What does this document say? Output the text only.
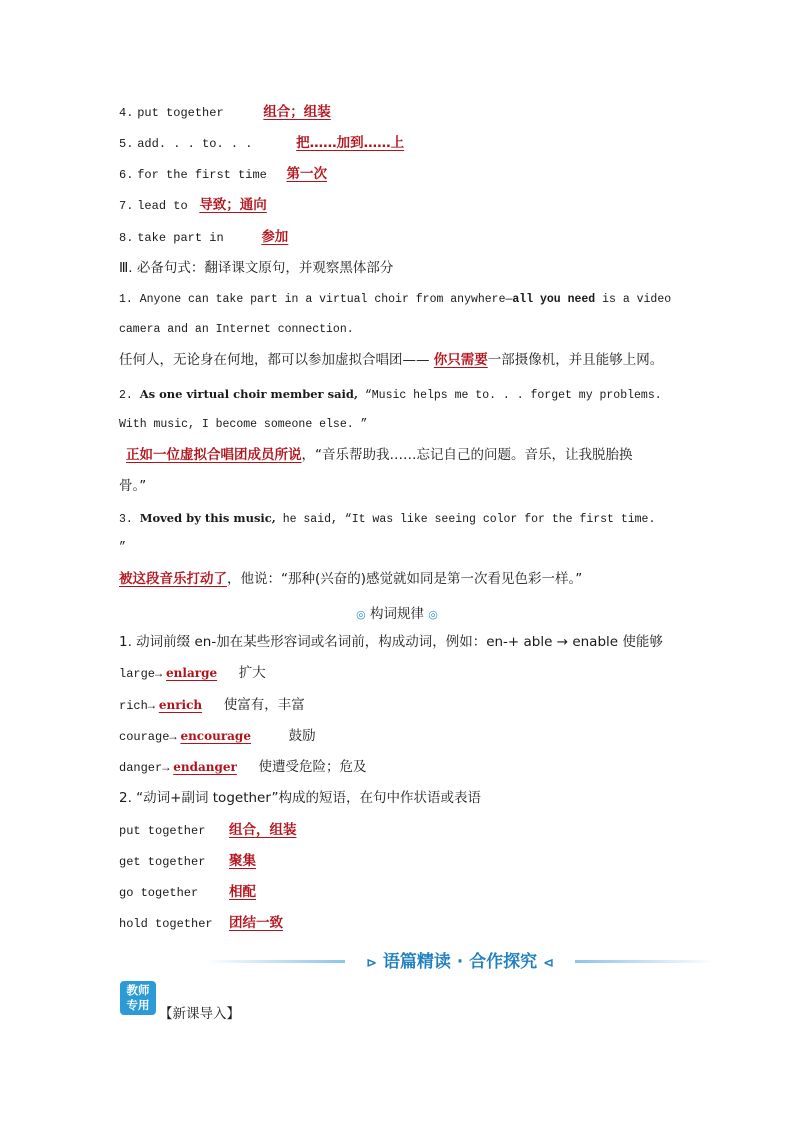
4. put together	组合；组装
5. add. . . to. . .	把……加到……上
6. for the first time 第一次
7. lead to 导致；通向
8. take part in	参加
Ⅲ. 必备句式：翻译课文原句，并观察黑体部分
1. Anyone can take part in a virtual choir from anywhere—all you need is a video
camera and an Internet connection.
任何人，无论身在何地，都可以参加虚拟合唱团—— 你只需要一部摄像机，并且能够上网。
2. As one virtual choir member said, “Music helps me to. . . forget my problems.
With music, I become someone else. ”
正如一位虚拟合唱团成员所说，“音乐帮助我……忘记自己的问题。音乐，让我脱胎换
骨。”
3. Moved by this music, he said, “It was like seeing color for the first time.
”
被这段音乐打动了，他说：“那种(兴奋的)感觉就如同是第一次看见色彩一样。”
◎ 构词规律 ◎
1. 动词前缀 en-加在某些形容词或名词前，构成动词，例如：en-+ able → enable 使能够
large→ enlarge 扩大
rich→ enrich 使富有，丰富
courage→ encourage	鼓励
danger→ endanger 使遭受危险；危及
2. “动词+副词 together”构成的短语，在句中作状语或表语
put together 组合，组装
get together 聚集
go together 相配
hold together 团结一致
⊳ 语篇精读 · 合作探究 ⊲
教师
专用
【新课导入】
